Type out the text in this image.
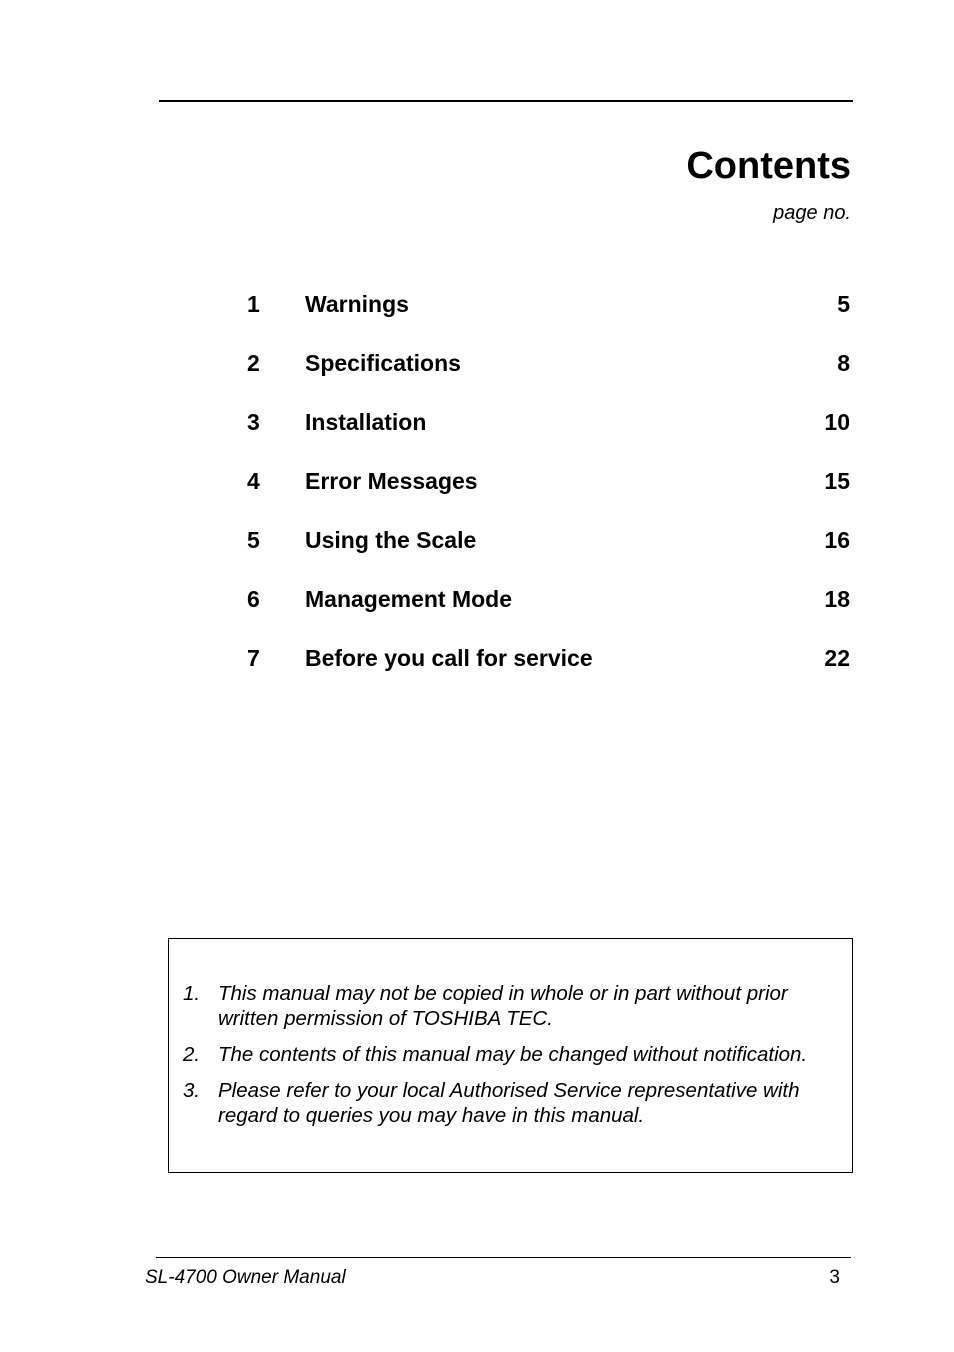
Contents
page no.
1 Warnings	5
2 Specifications	8
3 Installation	10
4 Error Messages	15
5 Using the Scale	16
6 Management Mode	18
7 Before you call for service	22
1. This manual may not be copied in whole or in part without prior written permission of TOSHIBA TEC.
2. The contents of this manual may be changed without notification.
3. Please refer to your local Authorised Service representative with regard to queries you may have in this manual.
SL-4700 Owner Manual	3
